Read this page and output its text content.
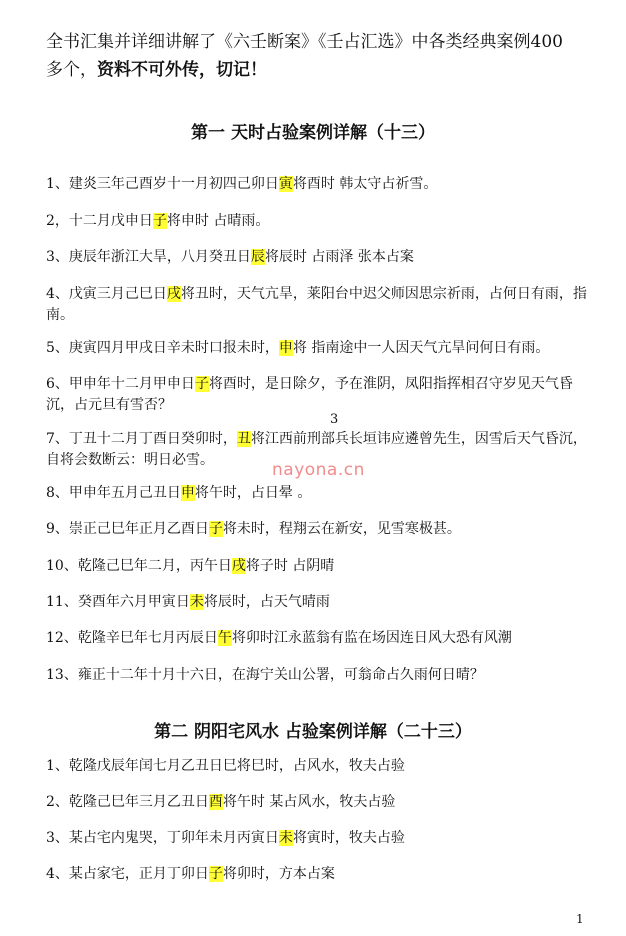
全书汇集并详细讲解了《六壬断案》《壬占汇选》中各类经典案例400
多个，资料不可外传，切记！
第一 天时占验案例详解（十三）
1、建炎三年己酉岁十一月初四己卯日寅将酉时 韩太守占祈雪。
2，十二月戊申日子将申时 占晴雨。
3、庚辰年浙江大旱，八月癸丑日辰将辰时 占雨泽 张本占案
4、戊寅三月己巳日戌将丑时，天气亢旱，莱阳台中迟父师因思宗祈雨，占何日有雨，指南。
5、庚寅四月甲戌日辛未时口报未时，申将 指南途中一人因天气亢旱问何日有雨。
6、甲申年十二月甲申日子将酉时，是日除夕，予在淮阴，凤阳指挥相召守岁见天气昏沉，占元旦有雪否？
3
7、丁丑十二月丁酉日癸卯时，丑将江西前刑部兵长垣讳应遴曾先生，因雪后天气昏沉，自将会数断云：明日必雪。	nayona.cn
8、甲申年五月己丑日申将午时，占日晕 。
9、崇正己巳年正月乙酉日子将未时，程翔云在新安，见雪寒极甚。
10、乾隆己巳年二月，丙午日戌将子时 占阴晴
11、癸酉年六月甲寅日未将辰时，占天气晴雨
12、乾隆辛巳年七月丙辰日午将卯时江永蓝翁有监在场因连日风大恐有风潮
13、雍正十二年十月十六日，在海宁关山公署，可翁命占久雨何日晴？
第二 阴阳宅风水 占验案例详解（二十三）
1、乾隆戊辰年闰七月乙丑日巳将巳时，占风水，牧夫占验
2、乾隆己巳年三月乙丑日酉将午时 某占风水，牧夫占验
3、某占宅内鬼哭，丁卯年未月丙寅日未将寅时，牧夫占验
4、某占家宅，正月丁卯日子将卯时，方本占案
1
